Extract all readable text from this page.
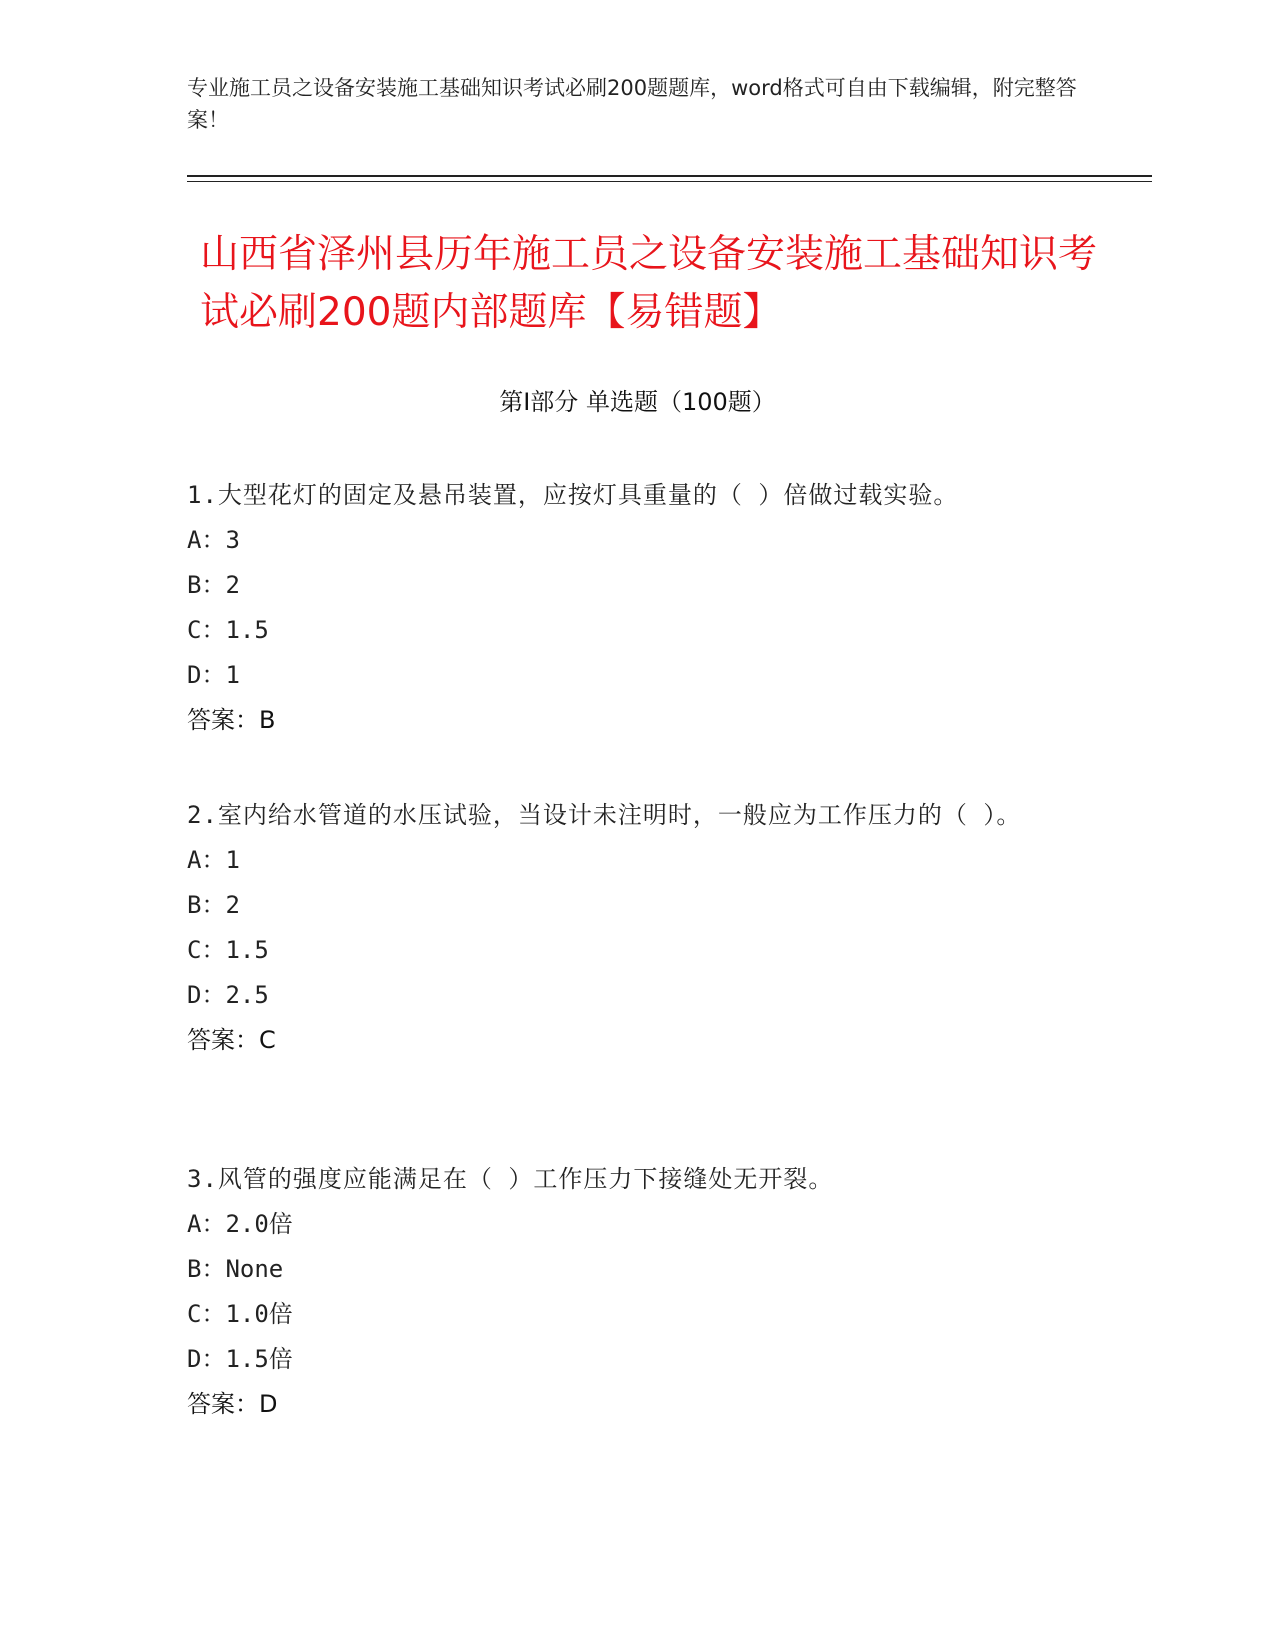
专业施工员之设备安装施工基础知识考试必刷200题题库，word格式可自由下载编辑，附完整答案！
山西省泽州县历年施工员之设备安装施工基础知识考试必刷200题内部题库【易错题】
第Ⅰ部分 单选题（100题）
1.大型花灯的固定及悬吊装置，应按灯具重量的（ ）倍做过载实验。
A：3
B：2
C：1.5
D：1
答案：B
2.室内给水管道的水压试验，当设计未注明时，一般应为工作压力的（ ）。
A：1
B：2
C：1.5
D：2.5
答案：C
3.风管的强度应能满足在（ ）工作压力下接缝处无开裂。
A：2.0倍
B：None
C：1.0倍
D：1.5倍
答案：D
